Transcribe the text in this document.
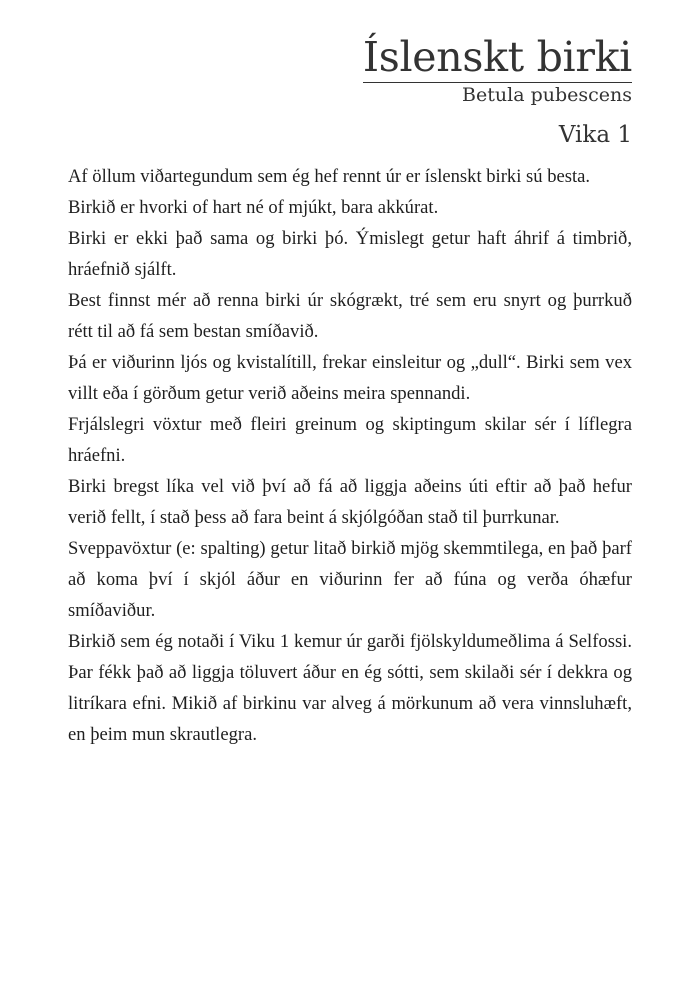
Íslenskt birki
Betula pubescens
Vika 1

Af öllum viðartegundum sem ég hef rennt úr er íslenskt birki sú besta.

Birkið er hvorki of hart né of mjúkt, bara akkúrat.

Birki er ekki það sama og birki þó. Ýmislegt getur haft áhrif á timbrið, hráefnið sjálft.

Best finnst mér að renna birki úr skógrækt, tré sem eru snyrt og þurrkuð rétt til að fá sem bestan smíðavið.

Þá er viðurinn ljós og kvistalítill, frekar einsleitur og „dull“. Birki sem vex villt eða í görðum getur verið aðeins meira spennandi.

Frjálslegri vöxtur með fleiri greinum og skiptingum skilar sér í líflegra hráefni.

Birki bregst líka vel við því að fá að liggja aðeins úti eftir að það hefur verið fellt, í stað þess að fara beint á skjólgóðan stað til þurrkunar.

Sveppavöxtur (e: spalting) getur litað birkið mjög skemmtilega, en það þarf að koma því í skjól áður en viðurinn fer að fúna og verða óhæfur smíðaviður.

Birkið sem ég notaði í Viku 1 kemur úr garði fjölskyldumeðlima á Selfossi. Þar fékk það að liggja töluvert áður en ég sótti, sem skilaði sér í dekkra og litríkara efni. Mikið af birkinu var alveg á mörkunum að vera vinnsluhæft, en þeim mun skrautlegra.
